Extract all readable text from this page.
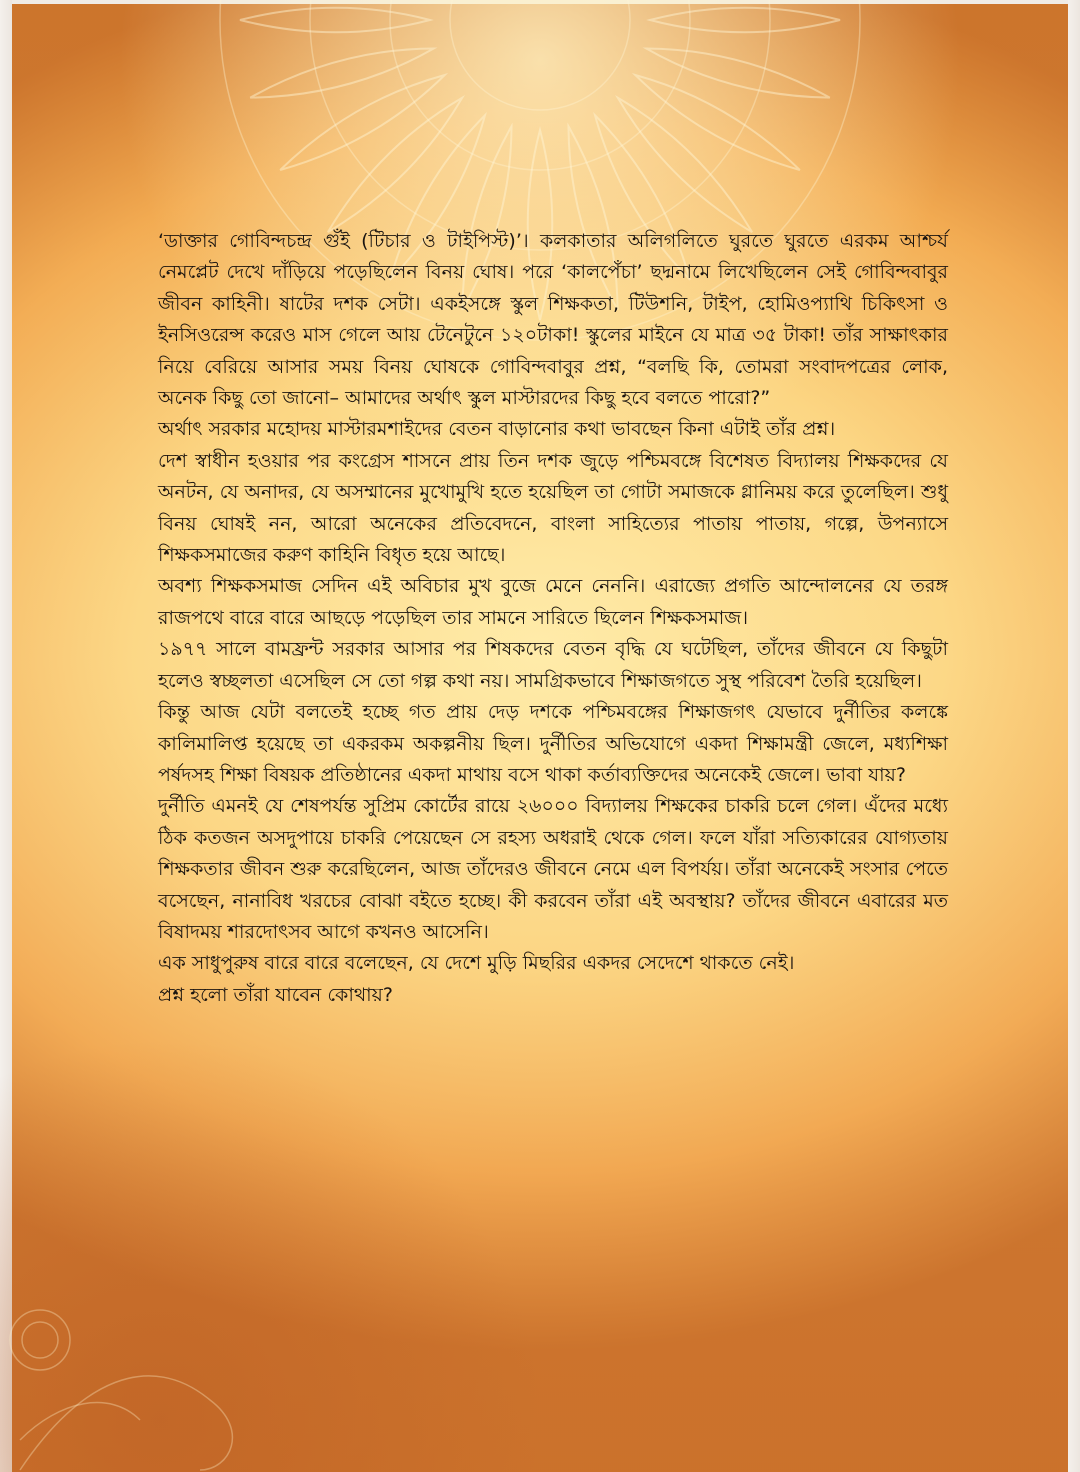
‘ডাক্তার গোবিন্দচন্দ্র গুঁই (টিচার ও টাইপিস্ট)’। কলকাতার অলিগলিতে ঘুরতে ঘুরতে এরকম আশ্চর্য নেমপ্লেট দেখে দাঁড়িয়ে পড়েছিলেন বিনয় ঘোষ। পরে ‘কালপেঁচা’ ছদ্মনামে লিখেছিলেন সেই গোবিন্দবাবুর জীবন কাহিনী। ষাটের দশক সেটা। একইসঙ্গে স্কুল শিক্ষকতা, টিউশনি, টাইপ, হোমিওপ্যাথি চিকিৎসা ও ইনসিওরেন্স করেও মাস গেলে আয় টেনেটুনে ১২০টাকা! স্কুলের মাইনে যে মাত্র ৩৫ টাকা! তাঁর সাক্ষাৎকার নিয়ে বেরিয়ে আসার সময় বিনয় ঘোষকে গোবিন্দবাবুর প্রশ্ন, “বলছি কি, তোমরা সংবাদপত্রের লোক, অনেক কিছু তো জানো– আমাদের অর্থাৎ স্কুল মাস্টারদের কিছু হবে বলতে পারো?”

অর্থাৎ সরকার মহোদয় মাস্টারমশাইদের বেতন বাড়ানোর কথা ভাবছেন কিনা এটাই তাঁর প্রশ্ন।

দেশ স্বাধীন হওয়ার পর কংগ্রেস শাসনে প্রায় তিন দশক জুড়ে পশ্চিমবঙ্গে বিশেষত বিদ্যালয় শিক্ষকদের যে অনটন, যে অনাদর, যে অসম্মানের মুখোমুখি হতে হয়েছিল তা গোটা সমাজকে গ্লানিময় করে তুলেছিল। শুধু বিনয় ঘোষই নন, আরো অনেকের প্রতিবেদনে, বাংলা সাহিত্যের পাতায় পাতায়, গল্পে, উপন্যাসে শিক্ষকসমাজের করুণ কাহিনি বিধৃত হয়ে আছে।

অবশ্য শিক্ষকসমাজ সেদিন এই অবিচার মুখ বুজে মেনে নেননি। এরাজ্যে প্রগতি আন্দোলনের যে তরঙ্গ রাজপথে বারে বারে আছড়ে পড়েছিল তার সামনে সারিতে ছিলেন শিক্ষকসমাজ।

১৯৭৭ সালে বামফ্রন্ট সরকার আসার পর শিষকদের বেতন বৃদ্ধি যে ঘটেছিল, তাঁদের জীবনে যে কিছুটা হলেও স্বচ্ছলতা এসেছিল সে তো গল্প কথা নয়। সামগ্রিকভাবে শিক্ষাজগতে সুস্থ পরিবেশ তৈরি হয়েছিল।

কিন্তু আজ যেটা বলতেই হচ্ছে গত প্রায় দেড় দশকে পশ্চিমবঙ্গের শিক্ষাজগৎ যেভাবে দুর্নীতির কলঙ্কে কালিমালিপ্ত হয়েছে তা একরকম অকল্পনীয় ছিল। দুর্নীতির অভিযোগে একদা শিক্ষামন্ত্রী জেলে, মধ্যশিক্ষা পর্ষদসহ শিক্ষা বিষয়ক প্রতিষ্ঠানের একদা মাথায় বসে থাকা কর্তাব্যক্তিদের অনেকেই জেলে। ভাবা যায়?

দুর্নীতি এমনই যে শেষপর্যন্ত সুপ্রিম কোর্টের রায়ে ২৬০০০ বিদ্যালয় শিক্ষকের চাকরি চলে গেল। এঁদের মধ্যে ঠিক কতজন অসদুপায়ে চাকরি পেয়েছেন সে রহস্য অধরাই থেকে গেল। ফলে যাঁরা সত্যিকারের যোগ্যতায় শিক্ষকতার জীবন শুরু করেছিলেন, আজ তাঁদেরও জীবনে নেমে এল বিপর্যয়। তাঁরা অনেকেই সংসার পেতে বসেছেন, নানাবিধ খরচের বোঝা বইতে হচ্ছে। কী করবেন তাঁরা এই অবস্থায়? তাঁদের জীবনে এবারের মত বিষাদময় শারদোৎসব আগে কখনও আসেনি।

এক সাধুপুরুষ বারে বারে বলেছেন, যে দেশে মুড়ি মিছরির একদর সেদেশে থাকতে নেই।

প্রশ্ন হলো তাঁরা যাবেন কোথায়?
